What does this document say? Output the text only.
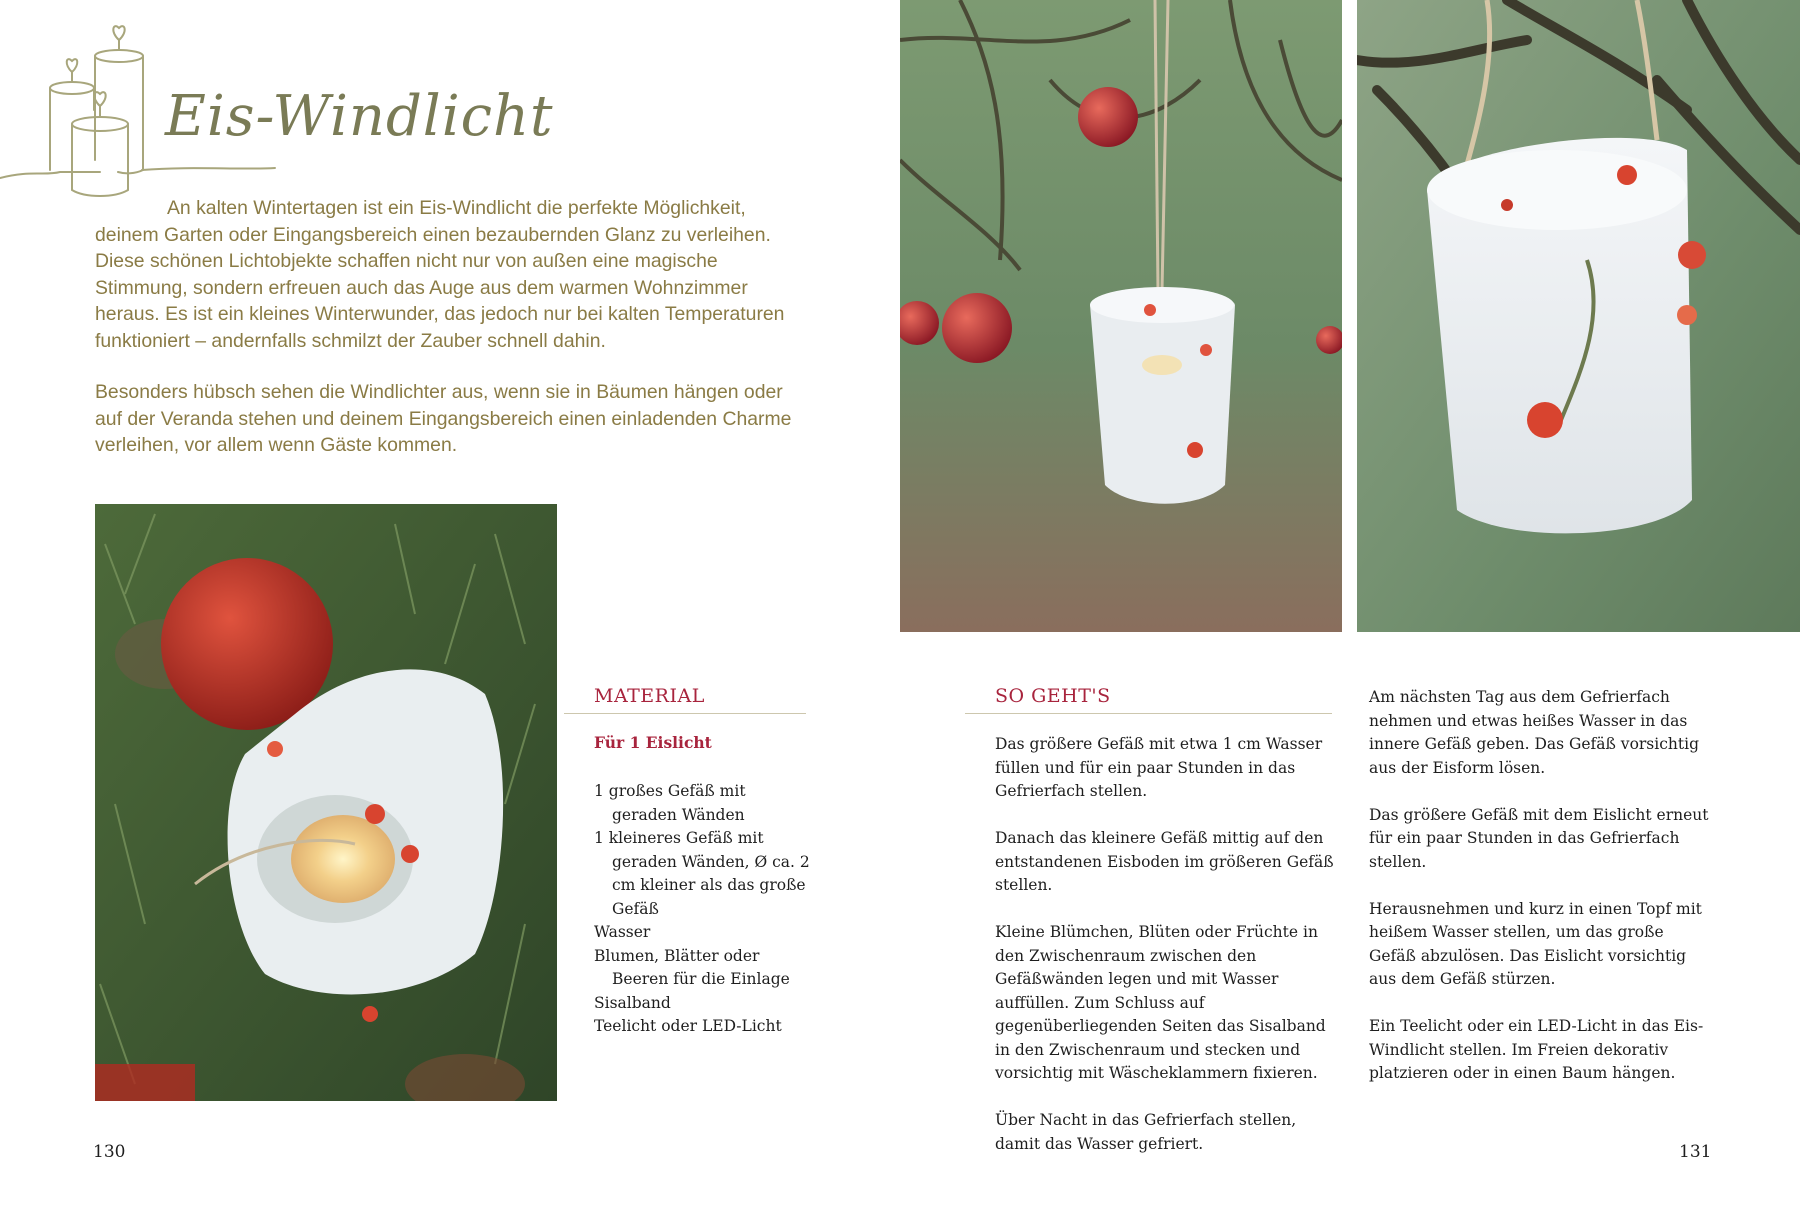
Eis-Windlicht

An kalten Wintertagen ist ein Eis-Windlicht die perfekte Möglichkeit, deinem Garten oder Eingangsbereich einen bezaubernden Glanz zu verleihen. Diese schönen Lichtobjekte schaffen nicht nur von außen eine magische Stimmung, sondern erfreuen auch das Auge aus dem warmen Wohnzimmer heraus. Es ist ein kleines Winterwunder, das jedoch nur bei kalten Temperaturen funktioniert – andernfalls schmilzt der Zauber schnell dahin.

Besonders hübsch sehen die Windlichter aus, wenn sie in Bäumen hängen oder auf der Veranda stehen und deinem Eingangsbereich einen einladenden Charme verleihen, vor allem wenn Gäste kommen.

MATERIAL

Für 1 Eislicht

1 großes Gefäß mit geraden Wänden
1 kleineres Gefäß mit geraden Wänden, Ø ca. 2 cm kleiner als das große Gefäß
Wasser
Blumen, Blätter oder Beeren für die Einlage
Sisalband
Teelicht oder LED-Licht
SO GEHT'S

Das größere Gefäß mit etwa 1 cm Wasser füllen und für ein paar Stunden in das Gefrierfach stellen.

Danach das kleinere Gefäß mittig auf den entstandenen Eisboden im größeren Gefäß stellen.

Kleine Blümchen, Blüten oder Früchte in den Zwischenraum zwischen den Gefäßwänden legen und mit Wasser auffüllen. Zum Schluss auf gegenüberliegenden Seiten das Sisalband in den Zwischenraum und stecken und vorsichtig mit Wäscheklammern fixieren.

Über Nacht in das Gefrierfach stellen, damit das Wasser gefriert.

Am nächsten Tag aus dem Gefrierfach nehmen und etwas heißes Wasser in das innere Gefäß geben. Das Gefäß vorsichtig aus der Eisform lösen.

Das größere Gefäß mit dem Eislicht erneut für ein paar Stunden in das Gefrierfach stellen.

Herausnehmen und kurz in einen Topf mit heißem Wasser stellen, um das große Gefäß abzulösen. Das Eislicht vorsichtig aus dem Gefäß stürzen.

Ein Teelicht oder ein LED-Licht in das Eis-Windlicht stellen. Im Freien dekorativ platzieren oder in einen Baum hängen.

130	131
